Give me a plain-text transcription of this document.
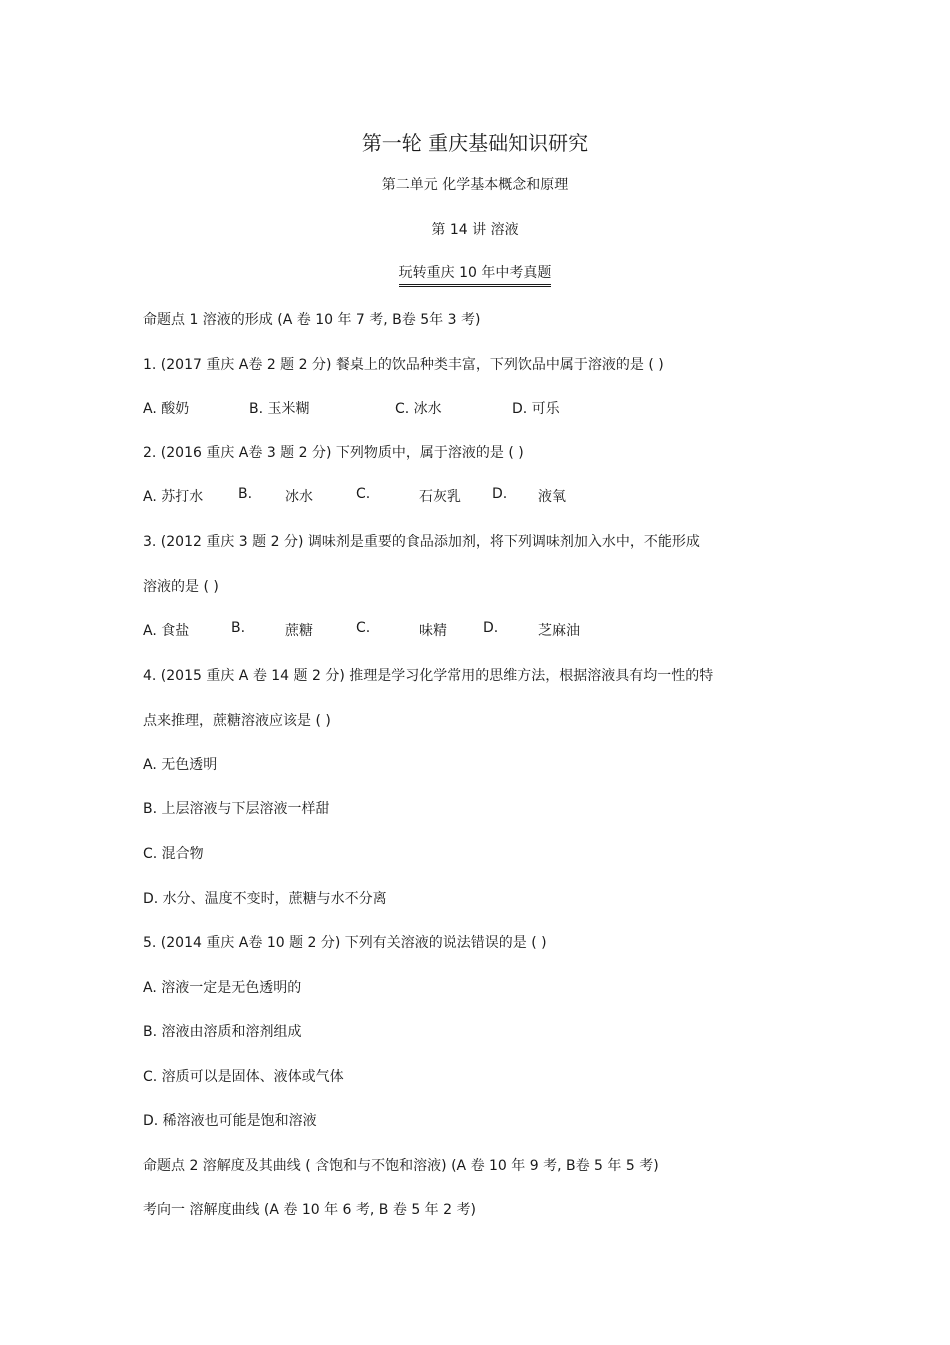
第一轮 重庆基础知识研究
第二单元 化学基本概念和原理
第 14 讲 溶液
玩转重庆 10 年中考真题
命题点 1 溶液的形成 (A 卷 10 年 7 考, B卷 5年 3 考)
1. (2017 重庆 A卷 2 题 2 分) 餐桌上的饮品种类丰富，下列饮品中属于溶液的是 ( )
A. 酸奶	B. 玉米糊	C. 冰水	D. 可乐
2. (2016 重庆 A卷 3 题 2 分) 下列物质中，属于溶液的是 ( )
A. 苏打水 B. 冰水	C.	石灰乳 D. 液氧
3. (2012 重庆 3 题 2 分) 调味剂是重要的食品添加剂，将下列调味剂加入水中，不能形成
溶液的是 ( )
A. 食盐	B.	蔗糖	C.	味精	D.	芝麻油
4. (2015 重庆 A 卷 14 题 2 分) 推理是学习化学常用的思维方法，根据溶液具有均一性的特
点来推理，蔗糖溶液应该是 ( )
A. 无色透明
B. 上层溶液与下层溶液一样甜
C. 混合物
D. 水分、温度不变时，蔗糖与水不分离
5. (2014 重庆 A卷 10 题 2 分) 下列有关溶液的说法错误的是 ( )
A. 溶液一定是无色透明的
B. 溶液由溶质和溶剂组成
C. 溶质可以是固体、液体或气体
D. 稀溶液也可能是饱和溶液
命题点 2 溶解度及其曲线 ( 含饱和与不饱和溶液) (A 卷 10 年 9 考, B卷 5 年 5 考)
考向一 溶解度曲线 (A 卷 10 年 6 考, B 卷 5 年 2 考)
